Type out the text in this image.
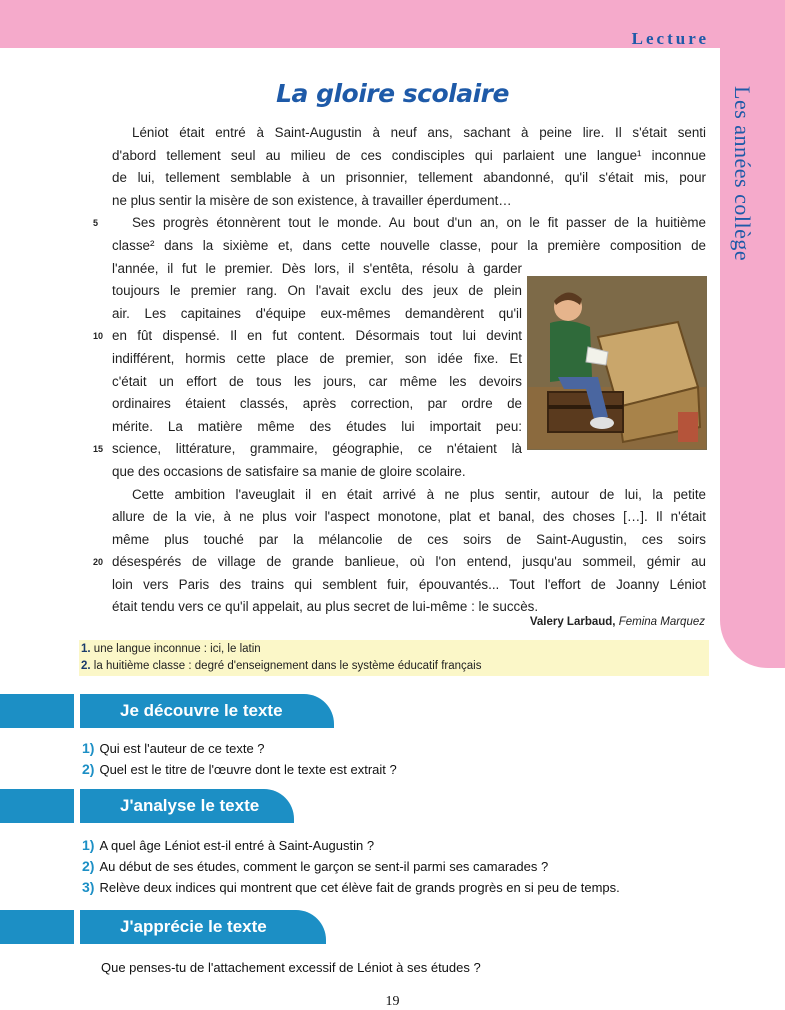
Lecture
Les années collège
La gloire scolaire
Léniot était entré à Saint-Augustin à neuf ans, sachant à peine lire. Il s'était senti
d'abord tellement seul au milieu de ces condisciples qui parlaient une langue¹ inconnue
de lui, tellement semblable à un prisonnier, tellement abandonné, qu'il s'était mis, pour
ne plus sentir la misère de son existence, à travailler éperdument…
5	Ses progrès étonnèrent tout le monde. Au bout d'un an, on le fit passer de la huitième
classe² dans la sixième et, dans cette nouvelle classe, pour la première composition de
l'année, il fut le premier. Dès lors, il s'entêta, résolu à garder
toujours le premier rang. On l'avait exclu des jeux de plein
air. Les capitaines d'équipe eux-mêmes demandèrent qu'il
10 en fût dispensé. Il en fut content. Désormais tout lui devint
indifférent, hormis cette place de premier, son idée fixe. Et
c'était un effort de tous les jours, car même les devoirs
ordinaires étaient classés, après correction, par ordre de
mérite. La matière même des études lui importait peu:
15 science, littérature, grammaire, géographie, ce n'étaient là
que des occasions de satisfaire sa manie de gloire scolaire.
Cette ambition l'aveuglait il en était arrivé à ne plus sentir, autour de lui, la petite
allure de la vie, à ne plus voir l'aspect monotone, plat et banal, des choses […]. Il n'était
même plus touché par la mélancolie de ces soirs de Saint-Augustin, ces soirs
20 désespérés de village de grande banlieue, où l'on entend, jusqu'au sommeil, gémir au
loin vers Paris des trains qui semblent fuir, épouvantés... Tout l'effort de Joanny Léniot
était tendu vers ce qu'il appelait, au plus secret de lui-même : le succès.
Valery Larbaud, Femina Marquez
1. une langue inconnue : ici, le latin
2. la huitième classe : degré d'enseignement dans le système éducatif français
Je découvre le texte
1) Qui est l'auteur de ce texte ?
2) Quel est le titre de l'œuvre dont le texte est extrait ?
J'analyse le texte
1) A quel âge Léniot est-il entré à Saint-Augustin ?
2) Au début de ses études, comment le garçon se sent-il parmi ses camarades ?
3) Relève deux indices qui montrent que cet élève fait de grands progrès en si peu de temps.
J'apprécie le texte
Que penses-tu de l'attachement excessif de Léniot à ses études ?
19
